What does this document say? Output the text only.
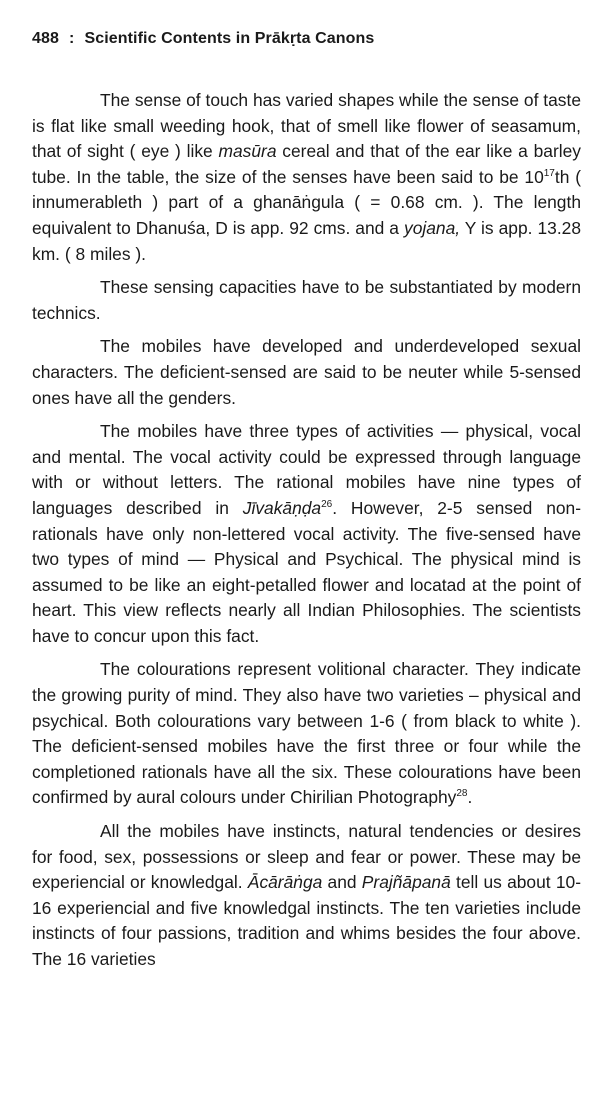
488 : Scientific Contents in Prākṛta Canons

The sense of touch has varied shapes while the sense of taste is flat like small weeding hook, that of smell like flower of seasamum, that of sight ( eye ) like masūra cereal and that of the ear like a barley tube. In the table, the size of the senses have been said to be $10^{17}th$ ( innumerableth ) part of a ghanāṅgula ( = 0.68 cm. ). The length equivalent to Dhanuśa, D is app. 92 cms. and a yojana, Y is app. 13.28 km. ( 8 miles ).

These sensing capacities have to be substantiated by modern technics.

The mobiles have developed and underdeveloped sexual characters. The deficient-sensed are said to be neuter while 5-sensed ones have all the genders.

The mobiles have three types of activities — physical, vocal and mental. The vocal activity could be expressed through language with or without letters. The rational mobiles have nine types of languages described in Jīvakāṇḍa$^{26}$. However, 2-5 sensed non-rationals have only non-lettered vocal activity. The five-sensed have two types of mind — Physical and Psychical. The physical mind is assumed to be like an eight-petalled flower and locatad at the point of heart. This view reflects nearly all Indian Philosophies. The scientists have to concur upon this fact.

The colourations represent volitional character. They indicate the growing purity of mind. They also have two varieties – physical and psychical. Both colourations vary between 1-6 ( from black to white ). The deficient-sensed mobiles have the first three or four while the completioned rationals have all the six. These colourations have been confirmed by aural colours under Chirilian Photography$^{28}$.

All the mobiles have instincts, natural tendencies or desires for food, sex, possessions or sleep and fear or power. These may be experiencial or knowledgal. Ācārāṅga and Prajñāpanā tell us about 10-16 experiencial and five knowledgal instincts. The ten varieties include instincts of four passions, tradition and whims besides the four above. The 16 varieties
